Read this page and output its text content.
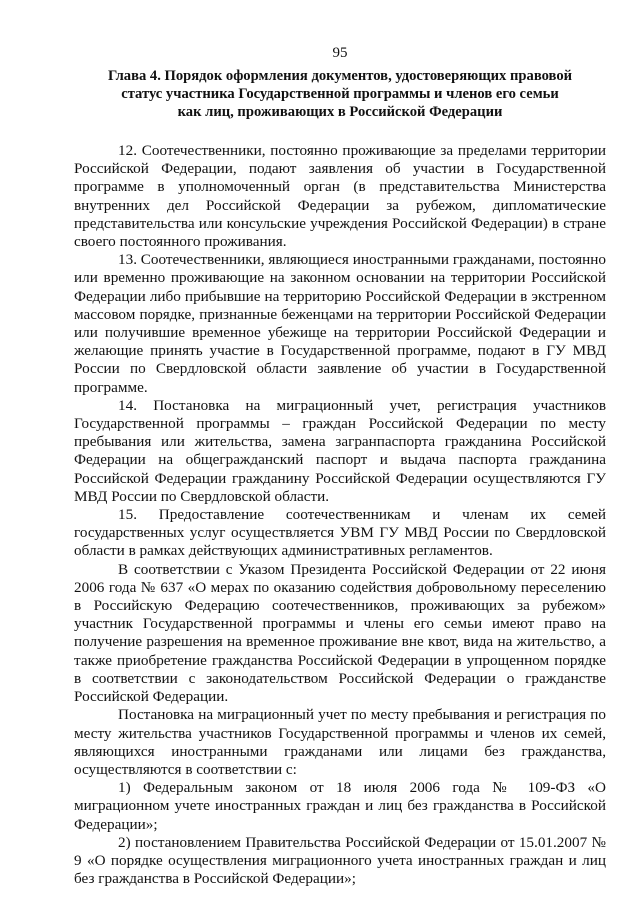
95
Глава 4. Порядок оформления документов, удостоверяющих правовой
статус участника Государственной программы и членов его семьи
как лиц, проживающих в Российской Федерации

12. Соотечественники, постоянно проживающие за пределами территории Российской Федерации, подают заявления об участии в Государственной программе в уполномоченный орган (в представительства Министерства внутренних дел Российской Федерации за рубежом, дипломатические представительства или консульские учреждения Российской Федерации) в стране своего постоянного проживания.

13. Соотечественники, являющиеся иностранными гражданами, постоянно или временно проживающие на законном основании на территории Российской Федерации либо прибывшие на территорию Российской Федерации в экстренном массовом порядке, признанные беженцами на территории Российской Федерации или получившие временное убежище на территории Российской Федерации и желающие принять участие в Государственной программе, подают в ГУ МВД России по Свердловской области заявление об участии в Государственной программе.

14. Постановка на миграционный учет, регистрация участников Государственной программы – граждан Российской Федерации по месту пребывания или жительства, замена загранпаспорта гражданина Российской Федерации на общегражданский паспорт и выдача паспорта гражданина Российской Федерации гражданину Российской Федерации осуществляются ГУ МВД России по Свердловской области.

15. Предоставление соотечественникам и членам их семей государственных услуг осуществляется УВМ ГУ МВД России по Свердловской области в рамках действующих административных регламентов.

В соответствии с Указом Президента Российской Федерации от 22 июня 2006 года № 637 «О мерах по оказанию содействия добровольному переселению в Российскую Федерацию соотечественников, проживающих за рубежом» участник Государственной программы и члены его семьи имеют право на получение разрешения на временное проживание вне квот, вида на жительство, а также приобретение гражданства Российской Федерации в упрощенном порядке в соответствии с законодательством Российской Федерации о гражданстве Российской Федерации.

Постановка на миграционный учет по месту пребывания и регистрация по месту жительства участников Государственной программы и членов их семей, являющихся иностранными гражданами или лицами без гражданства, осуществляются в соответствии с:

1) Федеральным законом от 18 июля 2006 года № 109-ФЗ «О миграционном учете иностранных граждан и лиц без гражданства в Российской Федерации»;

2) постановлением Правительства Российской Федерации от 15.01.2007 № 9 «О порядке осуществления миграционного учета иностранных граждан и лиц без гражданства в Российской Федерации»;
